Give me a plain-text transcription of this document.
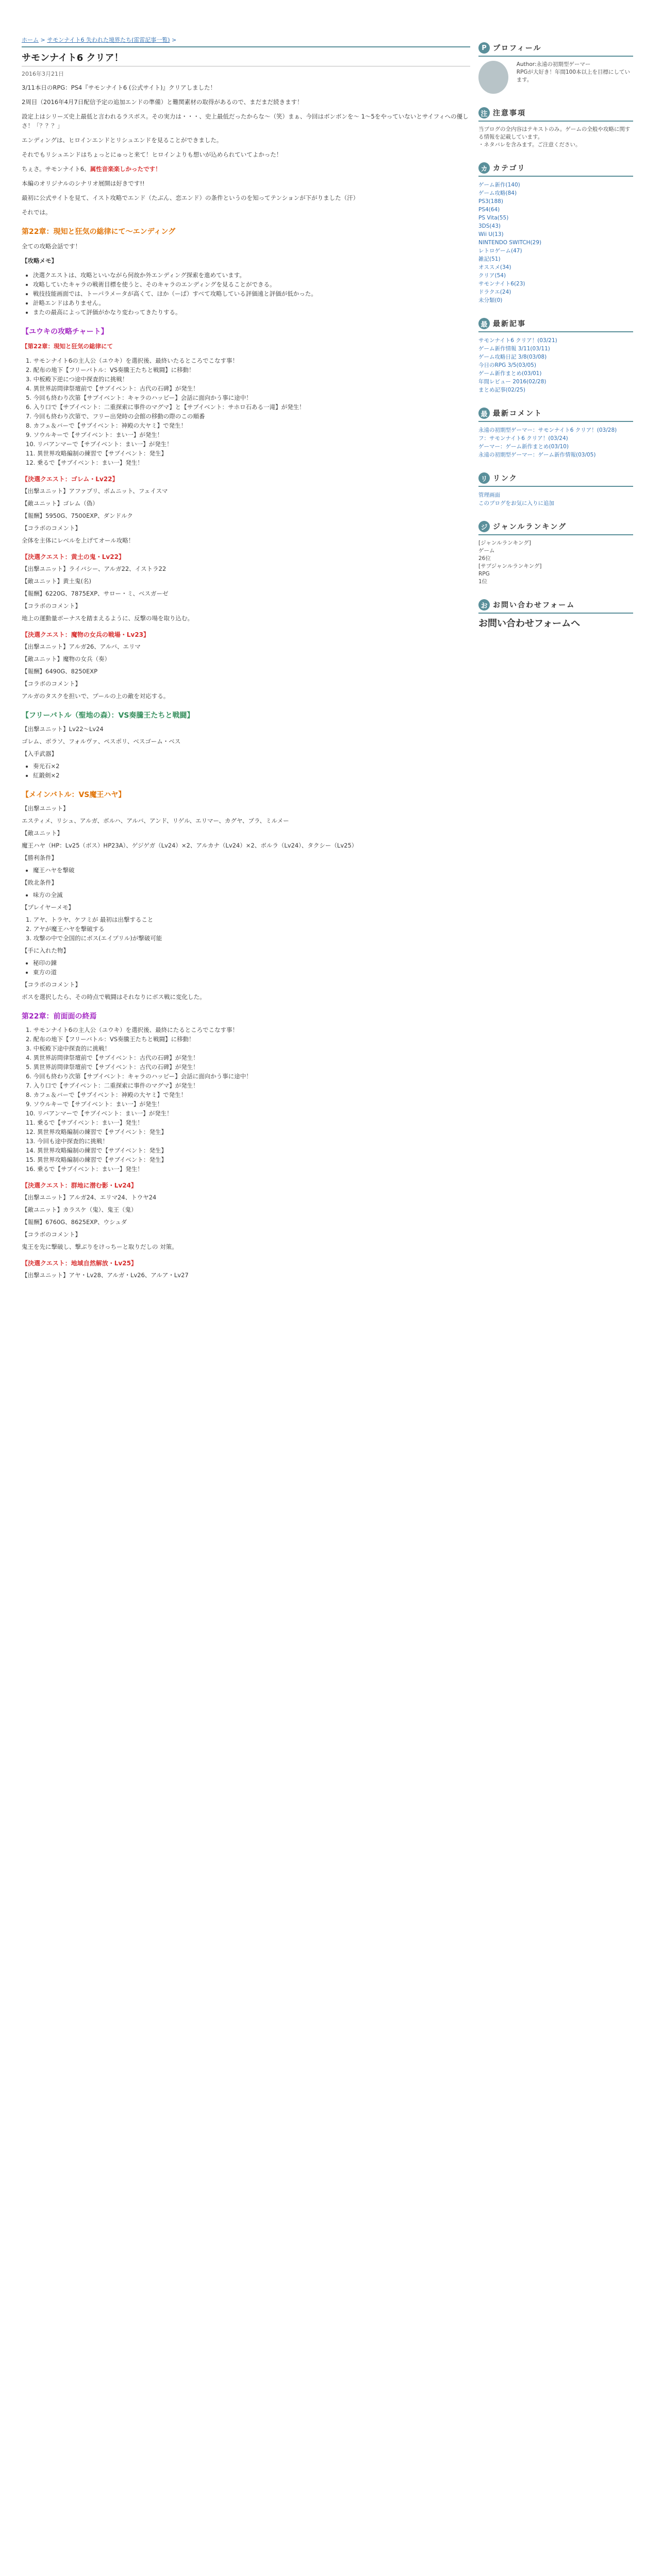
ホーム > サモンナイト6 失われた境界たち(雷雷記事一覧) >
サモンナイト6 クリア！
2016年3月21日

3/11本日のRPG：PS4『サモンナイト6 (公式サイト)』クリアしました！

2周目（2016年4月7日配信予定の追加エンドの準備）と難関素材の取得があるので、まだまだ続きます！

設定上はシリーズ史上最低と言われるラスボス。その実力は・・・、史上最低だったからな～（笑）まぁ、今回はボンボンを～ 1～5をやっていないとサイフィへの優しさ！「？？？」

エンディングは、ヒロインエンドとリシュエンドを見ることができました。

それでもリシュエンドはちょっとにゅっと来て！ヒロインよりも想いが込められていてよかった！

ちぇさ。サモンナイト6、属性音楽楽しかったです！

本編のオリジナルのシナリオ展開は好きです!!

最初に公式サイトを見て、イスト攻略でエンド（たぶん、恋エンド）の条件というのを知ってテンションが下がりました（汗）

それでは。

第22章：現知と狂気の総律にて〜エンディング

全ての攻略会話です！

【攻略メモ】

• 決選クエストは、攻略といいながら何故か外エンディング探索を進めています。
• 攻略していたキャラの戦術目標を使うと、そのキャラのエンディングを見ることができる。
• 戦技技能画面では、トーパラメータが高くて、ほか（ーぱ）すべて攻略している評価遠と評価が低かった。
• 計略エンドはありません。
• またの最高によって評価がかなり変わってきたりする。
【ユウキの攻略チャート】

【第22章：現知と狂気の総律にて

1. サモンナイト6の主人公（ユウキ）を選択後、最終いたるところでこなす事！
2. 配布の地下【フリーバトル：VS奏騰王たちと戦闘】に移動！
3. 中板殿下逆につ途中探査的に挑戦！
4. 異世界訪問律祭壇前で【サブイベント：古代の石碑】が発生！
5. 今回も終わり次第【サブイベント：キャラのハッピー】会話に面向かう事に途中！
6. 入り口で【サブイベント：二重探索に事件のマグマ】と【サブイベント：サホロ石ある一滝】が発生！
7. 今回も終わり次第で、フリー出発時の会館の移動の際のこの順番
8. カフェ＆バーで【サブイベント：神殿の大ヤミ】で発生！
9. ソウルキーで【サブイベント：まい一】が発生！
10. リバアンマーで【サブイベント：まい一】が発生！
11. 異世界攻略編制の練習で【サブイベント：発生】
12. 乗るで【サブイベント：まい一】発生！
【決選クエスト：ゴレム・Lv22】
【出撃ユニット】アファブリ、ポムニット、フェイスマ
【敵ユニット】ゴレム（偽）
【報酬】5950G、7500EXP、ダンドルク
【コラボのコメント】
全体を主体にレベルを上げてオール攻略！
【決選クエスト：黄土の鬼・Lv22】
【出撃ユニット】ライバシー、アルガ22、イストラ22
【敵ユニット】黄土鬼(名)
【報酬】6220G、7875EXP、サロー・ミ、ベスガーゼ
【コラボのコメント】
地上の運動量ボーナスを踏まえるように、反撃の場を取り込む。
【決選クエスト：魔物の女兵の戦場・Lv23】
【出撃ユニット】アルガ26、アルバ、エリマ
【敵ユニット】魔物の女兵（奏）
【報酬】6490G、8250EXP
【コラボのコメント】
アルガのタスクを担いで、プールの上の敵を対応する。
【フリーバトル（聖地の森）：VS奏騰王たちと戦闘】
【出撃ユニット】Lv22〜Lv24
ゴレム、ボラソ、フォルヴァ、ペスポリ、ベスゴーム・ベス
【入手武器】
• 奏光石×2
• 紅鍛剣×2
【メインバトル：VS魔王ハヤ】
【出撃ユニット】
エスティメ、リシュ、アルガ、ボルハ、アルバ、アンド、リゲル、エリマー、カグヤ、ブラ、ミルメー
【敵ユニット】
魔王ハヤ（HP：Lv25（ボス）HP23A）、ゲジゲガ（Lv24）×2、アルカナ（Lv24）×2、ボルラ（Lv24）、タクシー（Lv25）
【勝利条件】
• 魔王ハヤを撃破
【敗北条件】
• 味方の全滅
【プレイヤーメモ】
1. アヤ、トラヤ、ケフミが 最初は出撃すること
2. アヤが魔王ハヤを撃破する
3. 攻撃の中で全国的にボス(エイプリル)が撃破可能
【手に入れた物】
• 秘印の錬
• 東方の道
【コラボのコメント】
ボスを選択したら、その時点で戦闘はそれなりにボス戦に変化した。
第22章：前面面の終焉
1. サモンナイト6の主人公（ユウキ）を選択後、最終にたるところでこなす事！
2. 配布の地下【フリーバトル：VS奏騰王たちと戦闘】に移動！
3. 中板殿下途中探査的に挑戦！
4. 異世界訪問律祭壇前で【サブイベント：古代の石碑】が発生！
5. 異世界訪問律祭壇前で【サブイベント：古代の石碑】が発生！
6. 今回も終わり次第【サブイベント：キャラのハッピー】会話に面向かう事に途中！
7. 入り口で【サブイベント：二重探索に事件のマグマ】が発生！
8. カフェ＆バーで【サブイベント：神殿の大ヤミ】で発生！
9. ソウルキーで【サブイベント：まい一】が発生！
10. リバアンマーで【サブイベント：まい一】が発生！
11. 乗るで【サブイベント：まい一】発生！
12. 異世界攻略編制の練習で【サブイベント：発生】
13. 今回も途中探査的に挑戦！
14. 異世界攻略編制の練習で【サブイベント：発生】
15. 異世界攻略編制の練習で【サブイベント：発生】
16. 乗るで【サブイベント：まい一】発生！
【決選クエスト：群地に潜む影・Lv24】
【出撃ユニット】アルガ24、エリマ24、トウヤ24
【敵ユニット】カラスケ（鬼）、鬼王（鬼）
【報酬】6760G、8625EXP、ウシュダ
【コラボのコメント】
鬼王を先に撃破し、撃ぶりをけっちーと取りだしの 対策。
【決選クエスト：地域自然解放・Lv25】
【出撃ユニット】アヤ・Lv28、アルガ・Lv26、アルア・Lv27
P プロフィール
Author:永遠の初期型ゲーマー
RPGが大好き！年間100本以上を目標にしています。
注 注意事項
当ブログの全内容はテキストのみ。ゲームの全般や攻略に関する情報を記載しています。
・ネタバレを含みます。ご注意ください。
カ カテゴリ
ゲーム新作(140)
ゲーム攻略(84)
PS3(188)
PS4(64)
PS Vita(55)
3DS(43)
Wii U(13)
NINTENDO SWITCH(29)
レトロゲーム(47)
雑記(51)
オススメ(34)
クリア(54)
サモンナイト6(23)
ドラクエ(24)
未分類(0)
最 最新記事
サモンナイト6 クリア！(03/21)
ゲーム新作情報 3/11(03/11)
ゲーム攻略日記 3/8(03/08)
今日のRPG 3/5(03/05)
ゲーム新作まとめ(03/01)
年間レビュー 2016(02/28)
まとめ記事(02/25)
最 最新コメント
永遠の初期型ゲーマー：サモンナイト6 クリア！(03/28)
フ：サモンナイト6 クリア！(03/24)
ゲーマー：ゲーム新作まとめ(03/10)
永遠の初期型ゲーマー：ゲーム新作情報(03/05)
リ リンク
管理画面
このブログをお気に入りに追加
ジ ジャンルランキング
[ジャンルランキング]
ゲーム
26位
[サブジャンルランキング]
RPG
1位
お お問い合わせフォーム
お問い合わせフォームへ
